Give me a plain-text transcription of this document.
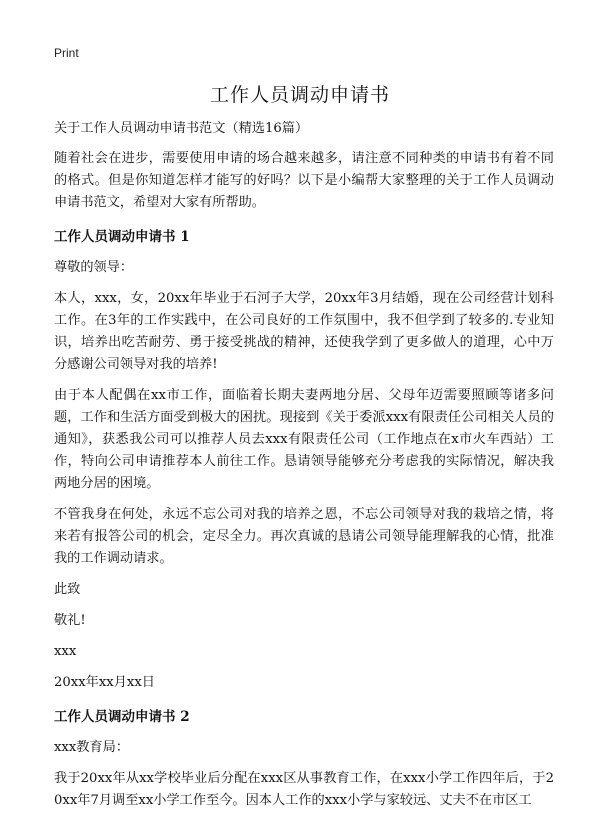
Print
工作人员调动申请书

关于工作人员调动申请书范文（精选16篇）

随着社会在进步，需要使用申请的场合越来越多，请注意不同种类的申请书有着不同的格式。但是你知道怎样才能写的好吗？以下是小编帮大家整理的关于工作人员调动申请书范文，希望对大家有所帮助。

工作人员调动申请书 1

尊敬的领导：

本人，xxx，女，20xx年毕业于石河子大学，20xx年3月结婚，现在公司经营计划科工作。在3年的工作实践中，在公司良好的工作氛围中，我不但学到了较多的.专业知识，培养出吃苦耐劳、勇于接受挑战的精神，还使我学到了更多做人的道理，心中万分感谢公司领导对我的培养!

由于本人配偶在xx市工作，面临着长期夫妻两地分居、父母年迈需要照顾等诸多问题，工作和生活方面受到极大的困扰。现接到《关于委派xxx有限责任公司相关人员的通知》，获悉我公司可以推荐人员去xxx有限责任公司（工作地点在x市火车西站）工作，特向公司申请推荐本人前往工作。恳请领导能够充分考虑我的实际情况，解决我两地分居的困境。

不管我身在何处，永远不忘公司对我的培养之恩，不忘公司领导对我的栽培之情，将来若有报答公司的机会，定尽全力。再次真诚的恳请公司领导能理解我的心情，批准我的工作调动请求。

此致

敬礼!

xxx

20xx年xx月xx日

工作人员调动申请书 2

xxx教育局：

我于20xx年从xx学校毕业后分配在xxx区从事教育工作，在xxx小学工作四年后，于20xx年7月调至xx小学工作至今。因本人工作的xxx小学与家较远、丈夫不在市区工
